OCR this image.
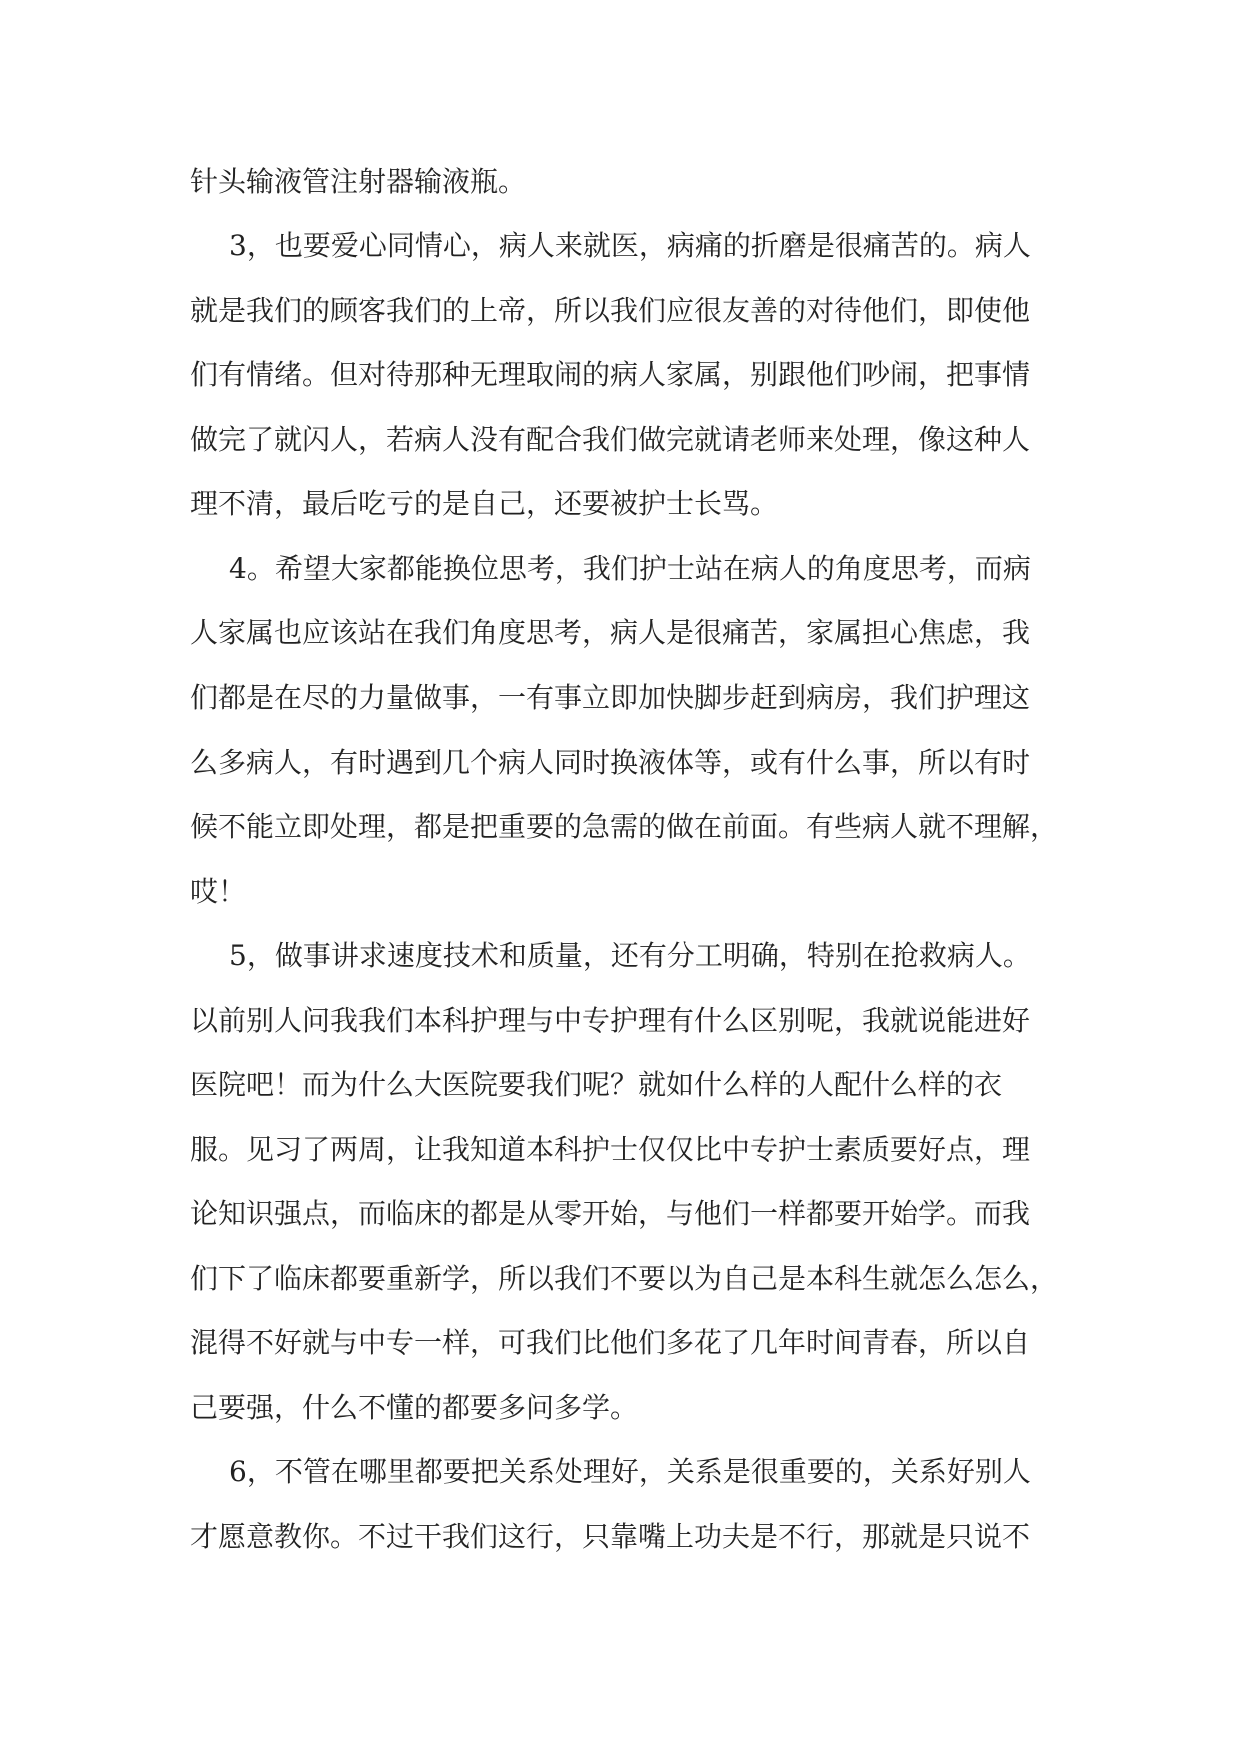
针头输液管注射器输液瓶。
3，也要爱心同情心，病人来就医，病痛的折磨是很痛苦的。病人
就是我们的顾客我们的上帝，所以我们应很友善的对待他们，即使他
们有情绪。但对待那种无理取闹的病人家属，别跟他们吵闹，把事情
做完了就闪人，若病人没有配合我们做完就请老师来处理，像这种人
理不清，最后吃亏的是自己，还要被护士长骂。
4。希望大家都能换位思考，我们护士站在病人的角度思考，而病
人家属也应该站在我们角度思考，病人是很痛苦，家属担心焦虑，我
们都是在尽的力量做事，一有事立即加快脚步赶到病房，我们护理这
么多病人，有时遇到几个病人同时换液体等，或有什么事，所以有时
候不能立即处理，都是把重要的急需的做在前面。有些病人就不理解，
哎！
5，做事讲求速度技术和质量，还有分工明确，特别在抢救病人。
以前别人问我我们本科护理与中专护理有什么区别呢，我就说能进好
医院吧！而为什么大医院要我们呢？就如什么样的人配什么样的衣
服。见习了两周，让我知道本科护士仅仅比中专护士素质要好点，理
论知识强点，而临床的都是从零开始，与他们一样都要开始学。而我
们下了临床都要重新学，所以我们不要以为自己是本科生就怎么怎么，
混得不好就与中专一样，可我们比他们多花了几年时间青春，所以自
己要强，什么不懂的都要多问多学。
6，不管在哪里都要把关系处理好，关系是很重要的，关系好别人
才愿意教你。不过干我们这行，只靠嘴上功夫是不行，那就是只说不
